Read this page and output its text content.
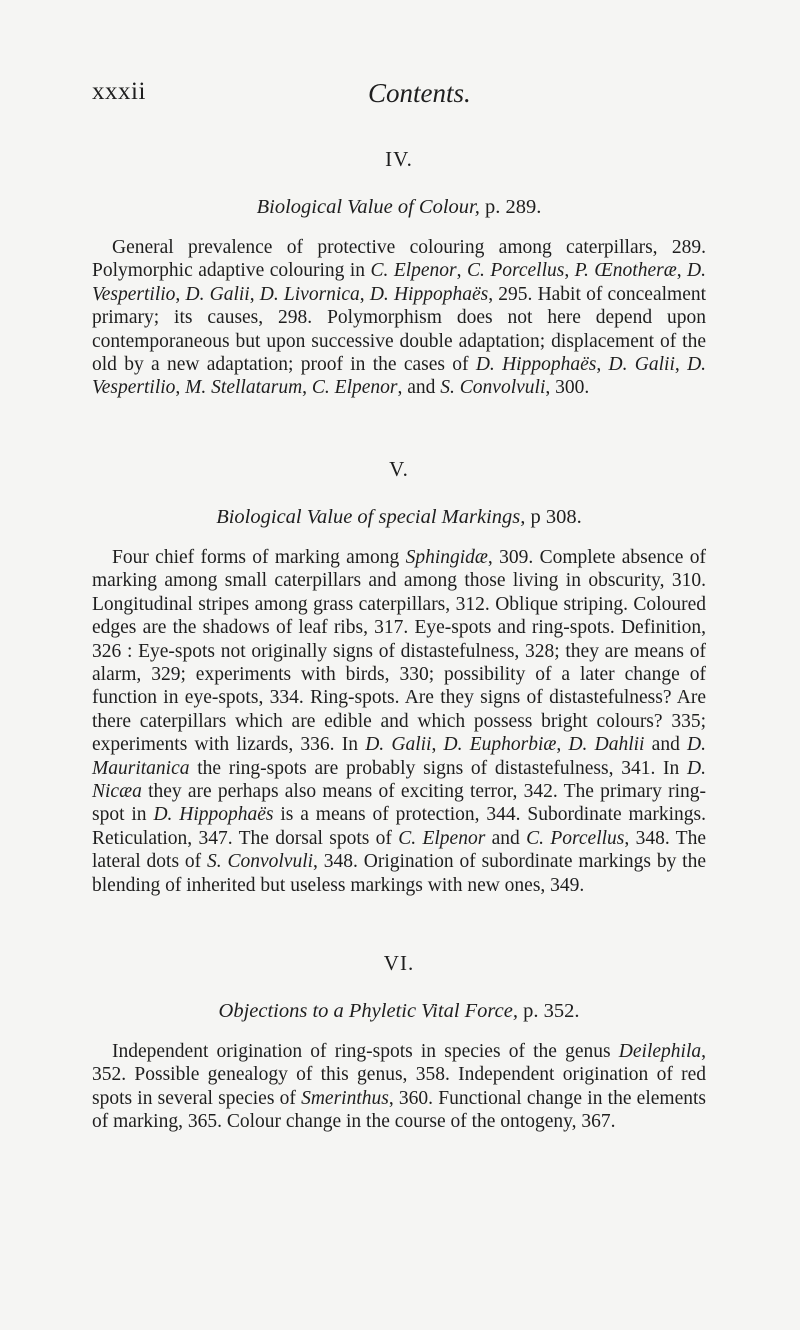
xxxii	Contents.
IV.
Biological Value of Colour, p. 289.

General prevalence of protective colouring among caterpillars, 289. Polymorphic adaptive colouring in C. Elpenor, C. Porcellus, P. Œnotheræ, D. Vespertilio, D. Galii, D. Livornica, D. Hippophaës, 295. Habit of concealment primary; its causes, 298. Polymorphism does not here depend upon contemporaneous but upon successive double adaptation; displacement of the old by a new adaptation; proof in the cases of D. Hippophaës, D. Galii, D. Vespertilio, M. Stellatarum, C. Elpenor, and S. Convolvuli, 300.

V.
Biological Value of special Markings, p 308.

Four chief forms of marking among Sphingidæ, 309. Complete absence of marking among small caterpillars and among those living in obscurity, 310. Longitudinal stripes among grass caterpillars, 312. Oblique striping. Coloured edges are the shadows of leaf ribs, 317. Eye-spots and ring-spots. Definition, 326 : Eye-spots not originally signs of distastefulness, 328; they are means of alarm, 329; experiments with birds, 330; possibility of a later change of function in eye-spots, 334. Ring-spots. Are they signs of distastefulness? Are there caterpillars which are edible and which possess bright colours? 335; experiments with lizards, 336. In D. Galii, D. Euphorbiæ, D. Dahlii and D. Mauritanica the ring-spots are probably signs of distastefulness, 341. In D. Nicæa they are perhaps also means of exciting terror, 342. The primary ring-spot in D. Hippophaës is a means of protection, 344. Subordinate markings. Reticulation, 347. The dorsal spots of C. Elpenor and C. Porcellus, 348. The lateral dots of S. Convolvuli, 348. Origination of subordinate markings by the blending of inherited but useless markings with new ones, 349.

VI.
Objections to a Phyletic Vital Force, p. 352.

Independent origination of ring-spots in species of the genus Deilephila, 352. Possible genealogy of this genus, 358. Independent origination of red spots in several species of Smerinthus, 360. Functional change in the elements of marking, 365. Colour change in the course of the ontogeny, 367.
